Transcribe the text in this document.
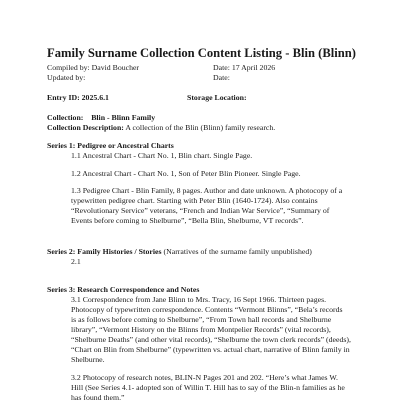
Family Surname Collection Content Listing - Blin (Blinn)
Compiled by: David Boucher	Date: 17 April 2026
Updated by:	Date:
Entry ID: 2025.6.1	Storage Location:
Collection: Blin - Blinn Family
Collection Description: A collection of the Blin (Blinn) family research.
Series 1: Pedigree or Ancestral Charts
1.1 Ancestral Chart - Chart No. 1, Blin chart. Single Page.
1.2 Ancestral Chart - Chart No. 1, Son of Peter Blin Pioneer. Single Page.
1.3 Pedigree Chart - Blin Family, 8 pages. Author and date unknown. A photocopy of a
typewritten pedigree chart. Starting with Peter Blin (1640-1724). Also contains
“Revolutionary Service” veterans, “French and Indian War Service”, “Summary of
Events before coming to Shelburne”, “Bella Blin, Shelburne, VT records”.
Series 2: Family Histories / Stories (Narratives of the surname family unpublished)
2.1
Series 3: Research Correspondence and Notes
3.1 Correspondence from Jane Blinn to Mrs. Tracy, 16 Sept 1966. Thirteen pages.
Photocopy of typewritten correspondence. Contents “Vermont Blinns”, “Bela’s records
is as follows before coming to Shelburne”, “From Town hall records and Shelburne
library”, “Vermont History on the Blinns from Montpelier Records” (vital records),
“Shelburne Deaths” (and other vital records), “Shelburne the town clerk records” (deeds),
“Chart on Blin from Shelburne” (typewritten vs. actual chart, narrative of Blinn family in
Shelburne.
3.2 Photocopy of research notes, BLIN-N Pages 201 and 202. “Here’s what James W.
Hill (See Series 4.1- adopted son of Willin T. Hill has to say of the Blin-n families as he
has found them.”
